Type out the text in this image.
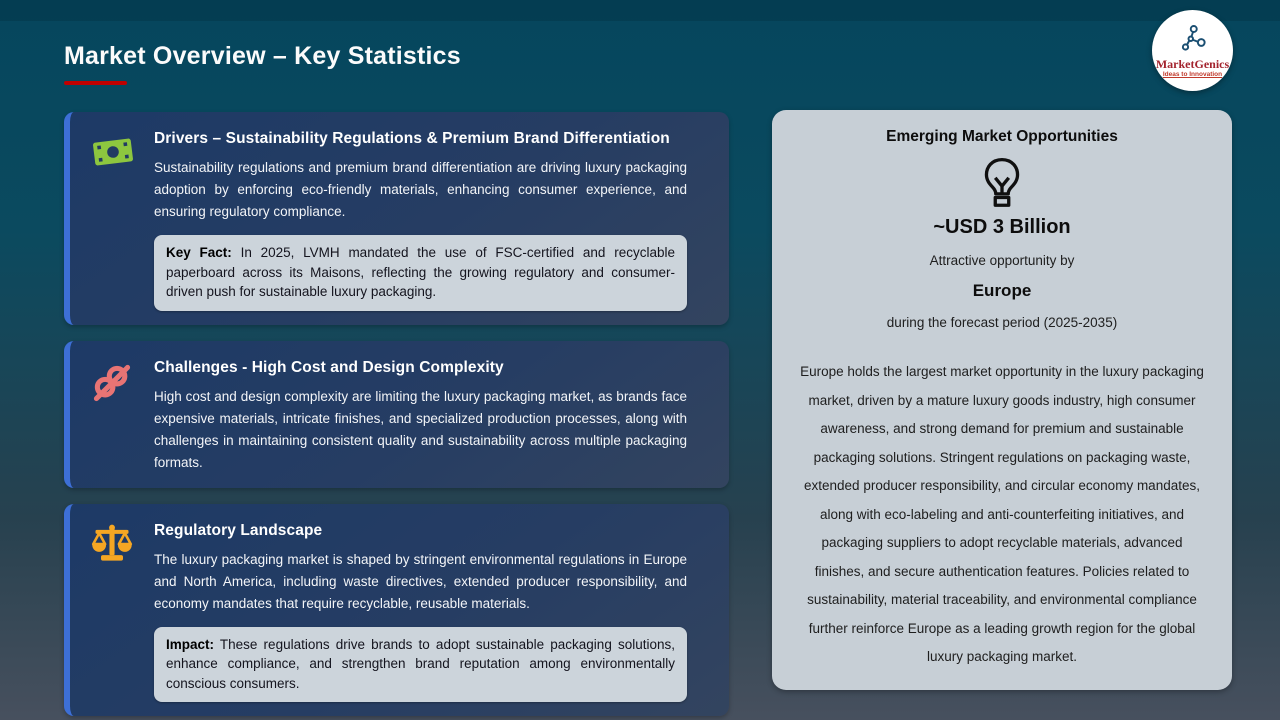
Market Overview – Key Statistics	MarketGenics
Ideas to Innovation
Drivers – Sustainability Regulations & Premium Brand Differentiation

Sustainability regulations and premium brand differentiation are driving luxury packaging adoption by enforcing eco-friendly materials, enhancing consumer experience, and ensuring regulatory compliance.

Key Fact: In 2025, LVMH mandated the use of FSC-certified and recyclable paperboard across its Maisons, reflecting the growing regulatory and consumer-driven push for sustainable luxury packaging.
Challenges - High Cost and Design Complexity

High cost and design complexity are limiting the luxury packaging market, as brands face expensive materials, intricate finishes, and specialized production processes, along with challenges in maintaining consistent quality and sustainability across multiple packaging formats.

Regulatory Landscape

The luxury packaging market is shaped by stringent environmental regulations in Europe and North America, including waste directives, extended producer responsibility, and economy mandates that require recyclable, reusable materials.

Impact: These regulations drive brands to adopt sustainable packaging solutions, enhance compliance, and strengthen brand reputation among environmentally conscious consumers.
Emerging Market Opportunities
~USD 3 Billion
Attractive opportunity by
Europe
during the forecast period (2025-2035)
Europe holds the largest market opportunity in the luxury packaging market, driven by a mature luxury goods industry, high consumer awareness, and strong demand for premium and sustainable packaging solutions. Stringent regulations on packaging waste, extended producer responsibility, and circular economy mandates, along with eco-labeling and anti-counterfeiting initiatives, and packaging suppliers to adopt recyclable materials, advanced finishes, and secure authentication features. Policies related to sustainability, material traceability, and environmental compliance further reinforce Europe as a leading growth region for the global luxury packaging market.
